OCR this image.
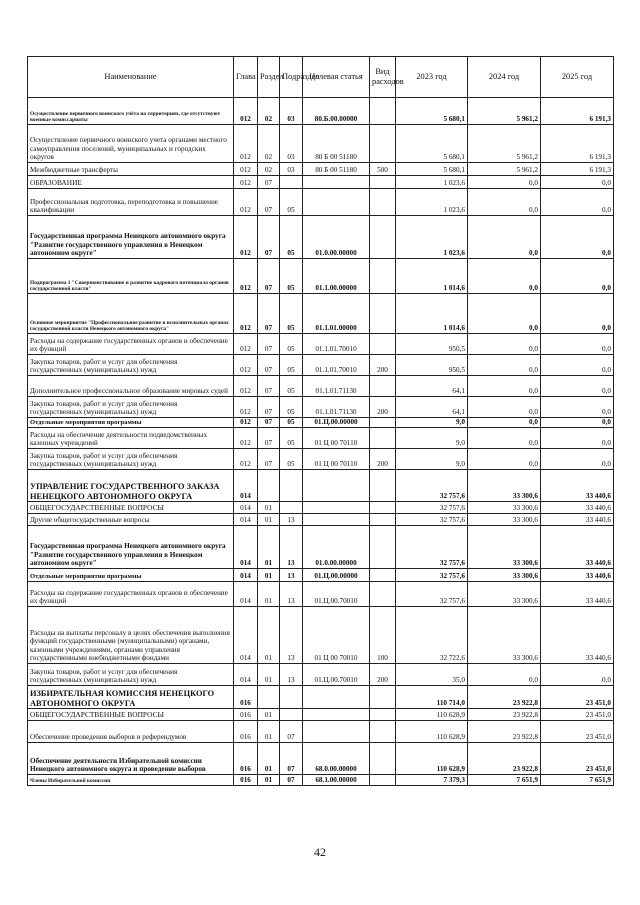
Наименование	Глава	Раздел	Подраздел	Целевая статья	Вид расходов	2023 год	2024 год	2025 год
Осуществление первичного воинского учёта на территориях, где отсутствуют военные комиссариаты	012	02	03	80.Б.00.00000		5 680,1	5 961,2	6 191,3
Осуществление первичного воинского учета органами местного самоуправления поселений, муниципальных и городских округов	012	02	03	80 Б 00 51180		5 680,1	5 961,2	6 191,3
Межбюджетные трансферты	012	02	03	80 Б 00 51180	500	5 680,1	5 961,2	6 191,3
ОБРАЗОВАНИЕ	012	07				1 023,6	0,0	0,0
Профессиональная подготовка, переподготовка и повышение квалификации	012	07	05			1 023,6	0,0	0,0
Государственная программа Ненецкого автономного округа "Развитие государственного управления в Ненецком автономном округе"	012	07	05	01.0.00.00000		1 023,6	0,0	0,0
Подпрограмма 1 "Совершенствование и развитие кадрового потенциала органов государственной власти"	012	07	05	01.1.00.00000		1 014,6	0,0	0,0
Основное мероприятие "Профессиональное развитие в исполнительных органах государственной власти Ненецкого автономного округа"	012	07	05	01.1.01.00000		1 014,6	0,0	0,0
Расходы на содержание государственных органов и обеспечение их функций	012	07	05	01.1.01.70010		950,5	0,0	0,0
Закупка товаров, работ и услуг для обеспечения государственных (муниципальных) нужд	012	07	05	01.1.01.70010	200	950,5	0,0	0,0
Дополнительное профессиональное образование мировых судей	012	07	05	01.1.01.71130		64,1	0,0	0,0
Закупка товаров, работ и услуг для обеспечения государственных (муниципальных) нужд	012	07	05	01.1.01.71130	200	64,1	0,0	0,0
Отдельные мероприятия программы	012	07	05	01.Ц.00.00000		9,0	0,0	0,0
Расходы на обеспечение деятельности подведомственных казенных учреждений	012	07	05	01 Ц 00 70110		9,0	0,0	0,0
Закупка товаров, работ и услуг для обеспечения государственных (муниципальных) нужд	012	07	05	01 Ц 00 70110	200	9,0	0,0	0,0
УПРАВЛЕНИЕ ГОСУДАРСТВЕННОГО ЗАКАЗА НЕНЕЦКОГО АВТОНОМНОГО ОКРУГА	014					32 757,6	33 300,6	33 440,6
ОБЩЕГОСУДАРСТВЕННЫЕ ВОПРОСЫ	014	01				32 757,6	33 300,6	33 440,6
Другие общегосударственные вопросы	014	01	13			32 757,6	33 300,6	33 440,6
Государственная программа Ненецкого автономного округа "Развитие государственного управления в Ненецком автономном округе"	014	01	13	01.0.00.00000		32 757,6	33 300,6	33 440,6
Отдельные мероприятия программы	014	01	13	01.Ц.00.00000		32 757,6	33 300,6	33 440,6
Расходы на содержание государственных органов и обеспечение их функций	014	01	13	01.Ц.00.70010		32 757,6	33 300,6	33 440,6
Расходы на выплаты персоналу в целях обеспечения выполнения функций государственными (муниципальными) органами, казенными учреждениями, органами управления государственными внебюджетными фондами	014	01	13	01 Ц 00 70010	100	32 722,6	33 300,6	33 440,6
Закупка товаров, работ и услуг для обеспечения государственных (муниципальных) нужд	014	01	13	01.Ц.00.70010	200	35,0	0,0	0,0
ИЗБИРАТЕЛЬНАЯ КОМИССИЯ НЕНЕЦКОГО АВТОНОМНОГО ОКРУГА	016					110 714,0	23 922,8	23 451,0
ОБЩЕГОСУДАРСТВЕННЫЕ ВОПРОСЫ	016	01				110 628,9	23 922,8	23 451,0
Обеспечение проведения выборов и референдумов	016	01	07			110 628,9	23 922,8	23 451,0
Обеспечение деятельности Избирательной комиссии Ненецкого автономного округа и проведение выборов	016	01	07	68.0.00.00000		110 628,9	23 922,8	23 451,0
Члены Избирательной комиссии	016	01	07	68.1.00.00000		7 379,3	7 651,9	7 651,9
42
